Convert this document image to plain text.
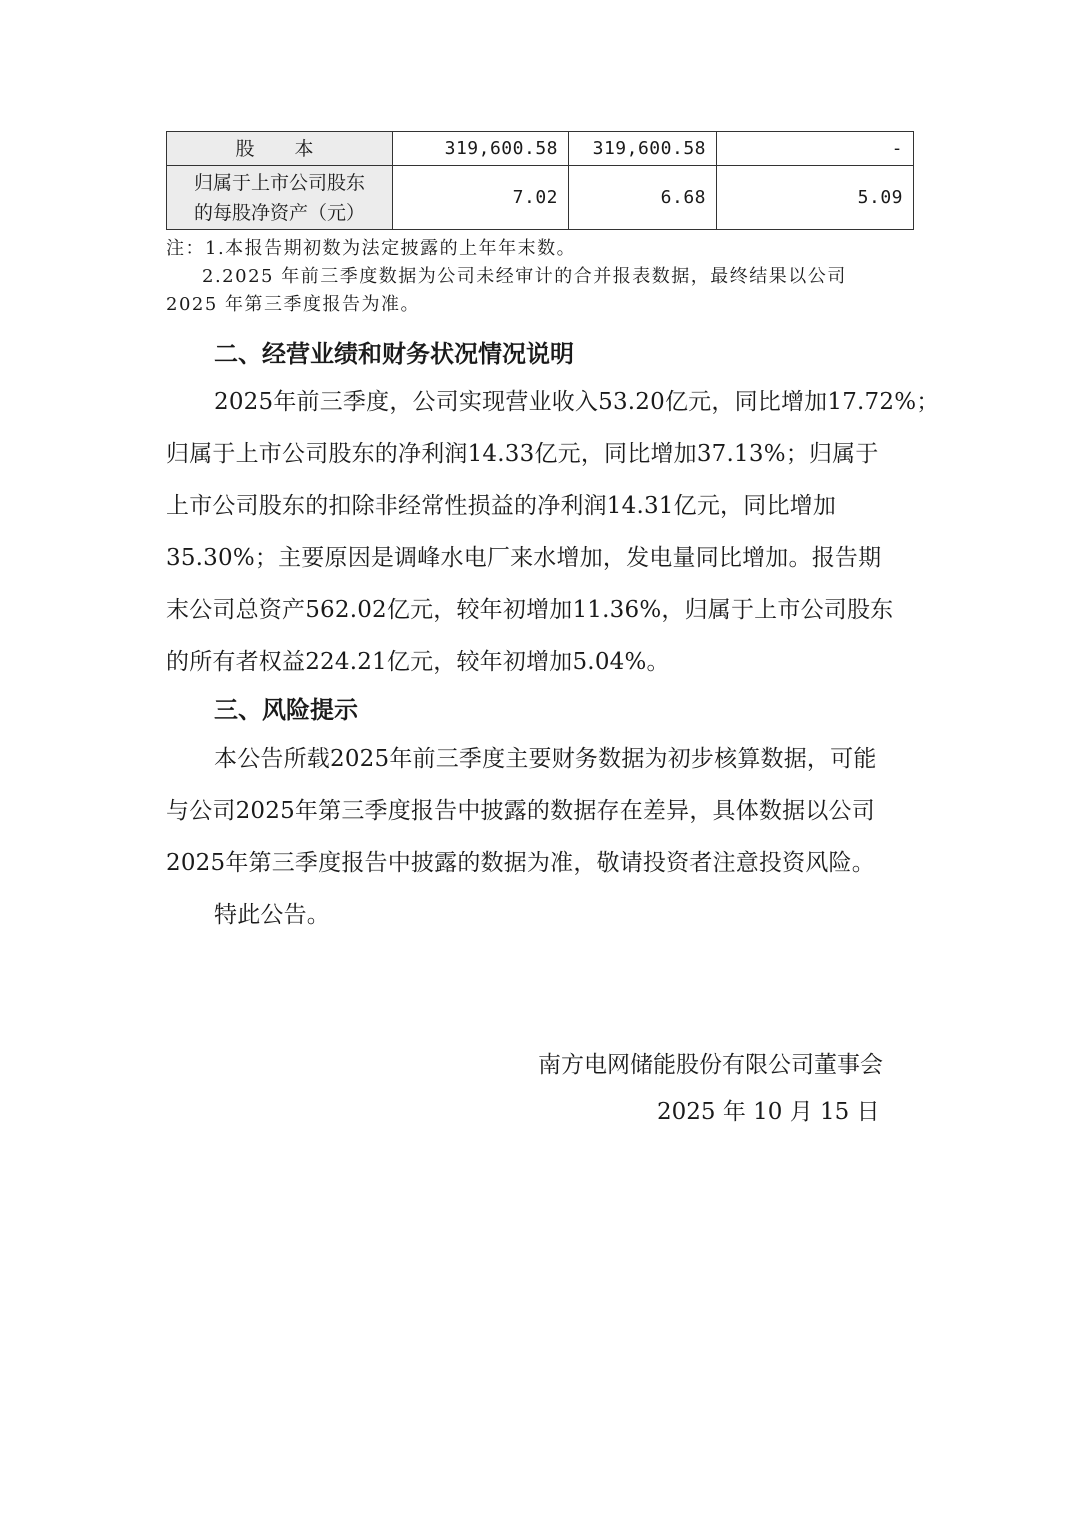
股本	319,600.58	319,600.58	-

归属于上市公司股东
的每股净资产（元）	7.02	6.68	5.09
注：1.本报告期初数为法定披露的上年年末数。
2.2025 年前三季度数据为公司未经审计的合并报表数据，最终结果以公司
2025 年第三季度报告为准。
二、经营业绩和财务状况情况说明
2025年前三季度，公司实现营业收入53.20亿元，同比增加17.72%；
归属于上市公司股东的净利润14.33亿元，同比增加37.13%；归属于
上市公司股东的扣除非经常性损益的净利润14.31亿元，同比增加
35.30%；主要原因是调峰水电厂来水增加，发电量同比增加。报告期
末公司总资产562.02亿元，较年初增加11.36%，归属于上市公司股东
的所有者权益224.21亿元，较年初增加5.04%。
三、风险提示
本公告所载2025年前三季度主要财务数据为初步核算数据，可能
与公司2025年第三季度报告中披露的数据存在差异，具体数据以公司
2025年第三季度报告中披露的数据为准，敬请投资者注意投资风险。
特此公告。
南方电网储能股份有限公司董事会
2025 年 10 月 15 日
